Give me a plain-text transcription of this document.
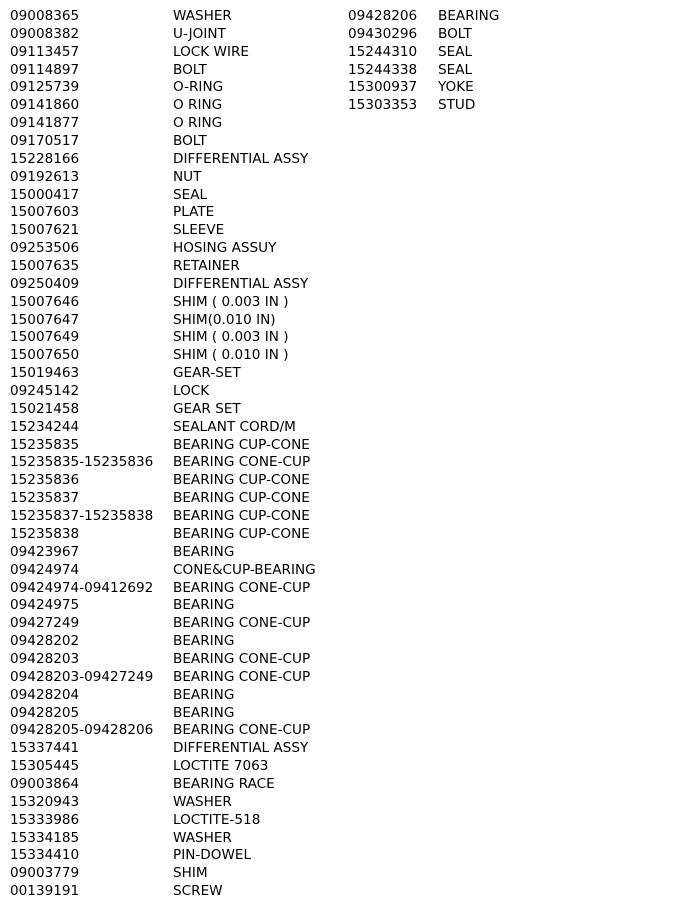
09008365	WASHER
09008382	U-JOINT
09113457	LOCK WIRE
09114897	BOLT
09125739	O-RING
09141860	O RING
09141877	O RING
09170517	BOLT
15228166	DIFFERENTIAL ASSY
09192613	NUT
15000417	SEAL
15007603	PLATE
15007621	SLEEVE
09253506	HOSING ASSUY
15007635	RETAINER
09250409	DIFFERENTIAL ASSY
15007646	SHIM ( 0.003 IN )
15007647	SHIM(0.010 IN)
15007649	SHIM ( 0.003 IN )
15007650	SHIM ( 0.010 IN )
15019463	GEAR-SET
09245142	LOCK
15021458	GEAR SET
15234244	SEALANT CORD/M
15235835	BEARING CUP-CONE
15235835-15235836 BEARING CONE-CUP
15235836	BEARING CUP-CONE
15235837	BEARING CUP-CONE
15235837-15235838 BEARING CUP-CONE
15235838	BEARING CUP-CONE
09423967	BEARING
09424974	CONE&CUP-BEARING
09424974-09412692 BEARING CONE-CUP
09424975	BEARING
09427249	BEARING CONE-CUP
09428202	BEARING
09428203	BEARING CONE-CUP
09428203-09427249 BEARING CONE-CUP
09428204	BEARING
09428205	BEARING
09428205-09428206 BEARING CONE-CUP
15337441	DIFFERENTIAL ASSY
15305445	LOCTITE 7063
09003864	BEARING RACE
15320943	WASHER
15333986	LOCTITE-518
15334185	WASHER
15334410	PIN-DOWEL
09003779	SHIM
00139191	SCREW
09428206 BEARING
09430296 BOLT
15244310 SEAL
15244338 SEAL
15300937 YOKE
15303353 STUD
